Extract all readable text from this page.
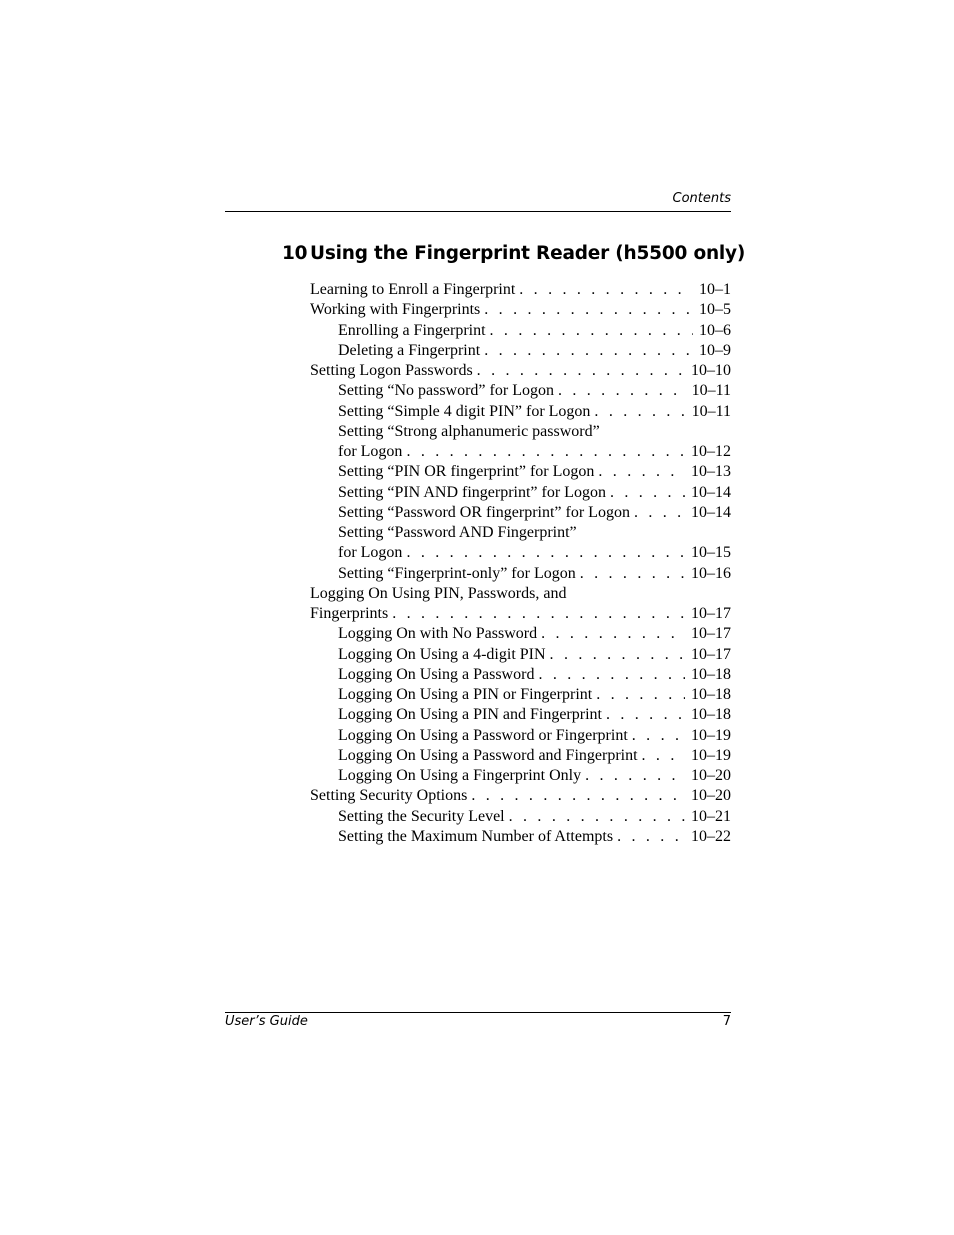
Contents
10 Using the Fingerprint Reader (h5500 only)
Learning to Enroll a Fingerprint . . .	10–1
Working with Fingerprints . . .	10–5
Enrolling a Fingerprint . . .	10–6
Deleting a Fingerprint . . .	10–9
Setting Logon Passwords . . .	10–10
Setting “No password” for Logon . . .	10–11
Setting “Simple 4 digit PIN” for Logon . . .	10–11
Setting “Strong alphanumeric password”
for Logon . . .	10–12
Setting “PIN OR fingerprint” for Logon . . .	10–13
Setting “PIN AND fingerprint” for Logon . . .	10–14
Setting “Password OR fingerprint” for Logon . . .	10–14
Setting “Password AND Fingerprint”
for Logon . . .	10–15
Setting “Fingerprint-only” for Logon . . .	10–16
Logging On Using PIN, Passwords, and
Fingerprints . . .	10–17
Logging On with No Password . . .	10–17
Logging On Using a 4-digit PIN . . .	10–17
Logging On Using a Password . . .	10–18
Logging On Using a PIN or Fingerprint . . .	10–18
Logging On Using a PIN and Fingerprint . . .	10–18
Logging On Using a Password or Fingerprint . . .	10–19
Logging On Using a Password and Fingerprint . . .	10–19
Logging On Using a Fingerprint Only . . .	10–20
Setting Security Options . . .	10–20
Setting the Security Level . . .	10–21
Setting the Maximum Number of Attempts . . .	10–22
User’s Guide	7
